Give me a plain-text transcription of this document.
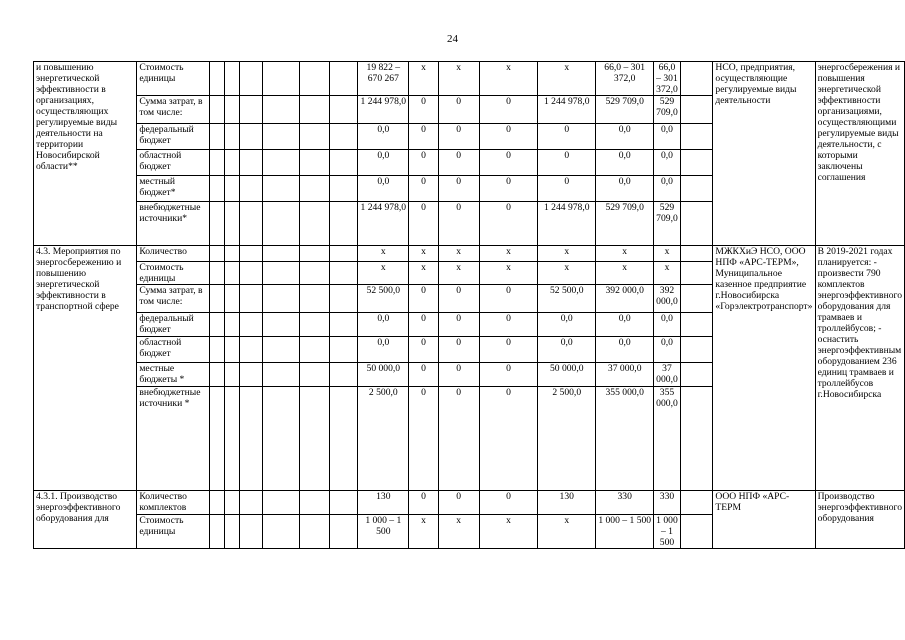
24
и повышению энергетической эффективности в организациях, осуществляющих регулируемые виды деятельности на территории Новосибирской области**	Стоимость единицы							19 822 – 670 267	x	x	x	x	66,0 – 301 372,0	66,0 – 301 372,0		НСО, предприятия, осуществляющие регулируемые виды деятельности	энергосбережения и повышения энергетической эффективности организациями, осуществляющими регулируемые виды деятельности, с которыми заключены соглашения
	Сумма затрат, в том числе:							1 244 978,0	0	0	0	1 244 978,0	529 709,0	529 709,0			
	федеральный бюджет							0,0	0	0	0	0	0,0	0,0			
	областной бюджет							0,0	0	0	0	0	0,0	0,0			
	местный бюджет*							0,0	0	0	0	0	0,0	0,0			
	внебюджетные источники*							1 244 978,0	0	0	0	1 244 978,0	529 709,0	529 709,0			
4.3. Мероприятия по энергосбережению и повышению энергетической эффективности в транспортной сфере	Количество							x	x	x	x	x	x	x		МЖКХиЭ НСО, ООО НПФ «АРС-ТЕРМ», Муниципальное казенное предприятие г.Новосибирска «Горэлектротранспорт»	В 2019-2021 годах планируется: - произвести 790 комплектов энергоэффективного оборудования для трамваев и троллейбусов; - оснастить энергоэффективным оборудованием 236 единиц трамваев и троллейбусов г.Новосибирска
	Стоимость единицы							x	x	x	x	x	x	x			
	Сумма затрат, в том числе:							52 500,0	0	0	0	52 500,0	392 000,0	392 000,0			
	федеральный бюджет							0,0	0	0	0	0,0	0,0	0,0			
	областной бюджет							0,0	0	0	0	0,0	0,0	0,0			
	местные бюджеты *							50 000,0	0	0	0	50 000,0	37 000,0	37 000,0			
	внебюджетные источники *							2 500,0	0	0	0	2 500,0	355 000,0	355 000,0			
4.3.1. Производство энергоэффективного оборудования для	Количество комплектов							130	0	0	0	130	330	330		ООО НПФ «АРС-ТЕРМ	Производство энергоэффективного оборудования
	Стоимость единицы							1 000 – 1 500	x	x	x	x	1 000 – 1 500	1 000 – 1 500			
